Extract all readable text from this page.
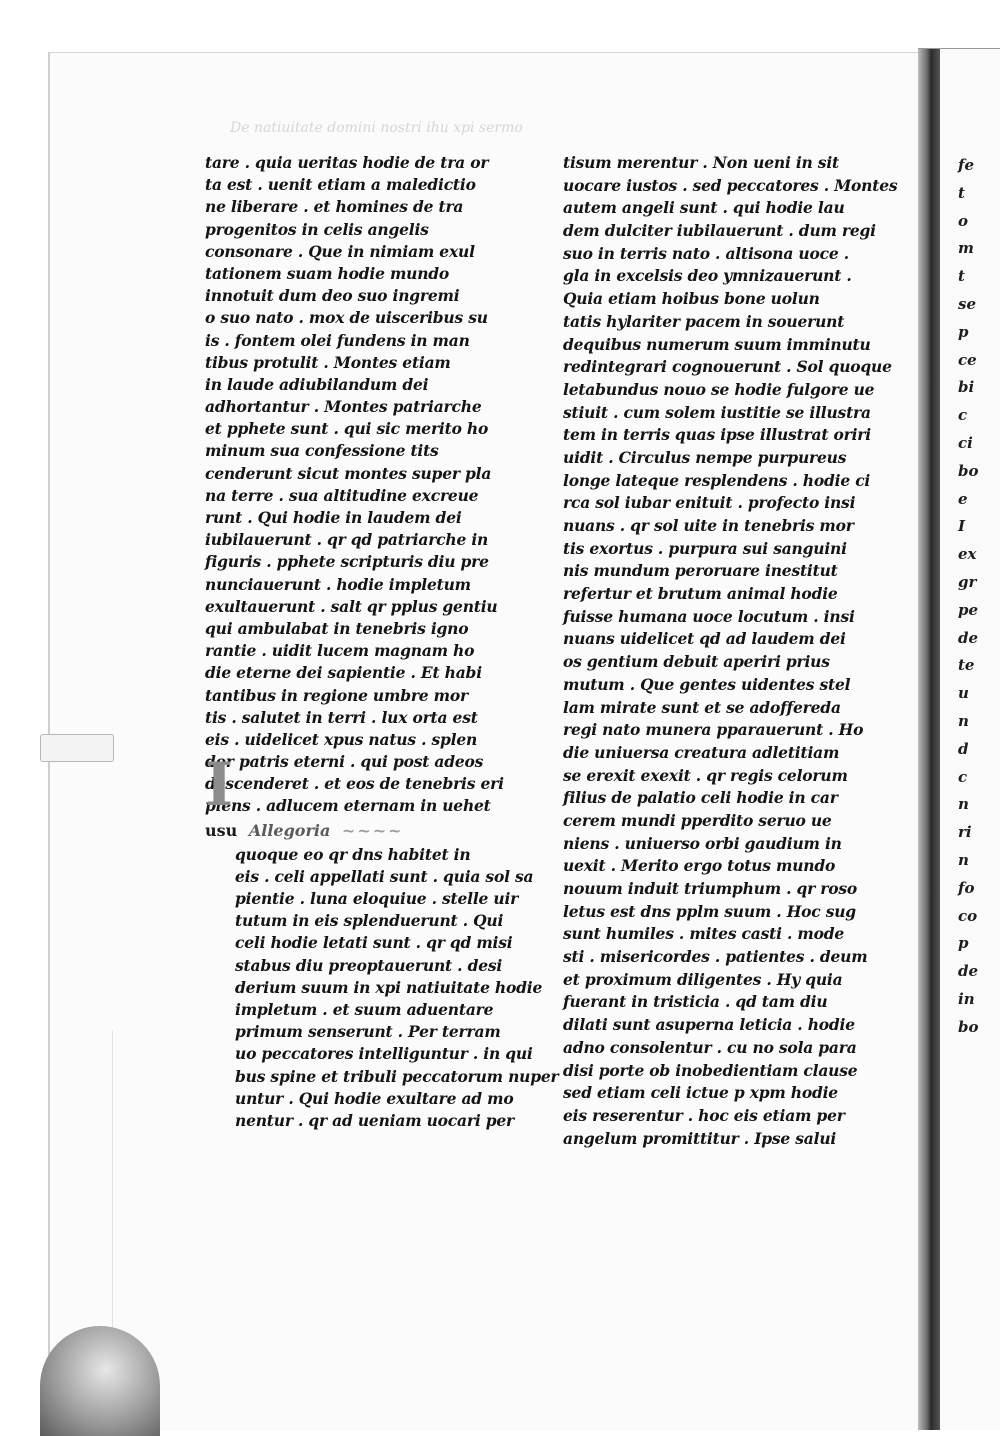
De natiuitate domini nostri ihu xpi sermo
tare . quia ueritas hodie de tra or
ta est . uenit etiam a maledictio
ne liberare . et homines de tra
progenitos in celis angelis
consonare . Que in nimiam exul
tationem suam hodie mundo
innotuit dum deo suo ingremi
o suo nato . mox de uisceribus su
is . fontem olei fundens in man
tibus protulit . Montes etiam
in laude adiubilandum dei
adhortantur . Montes patriarche
et pphete sunt . qui sic merito ho
minum sua confessione tits
cenderunt sicut montes super pla
na terre . sua altitudine excreue
runt . Qui hodie in laudem dei
iubilauerunt . qr qd patriarche in
figuris . pphete scripturis diu pre
nunciauerunt . hodie impletum
exultauerunt . salt qr pplus gentiu
qui ambulabat in tenebris igno
rantie . uidit lucem magnam ho
die eterne dei sapientie . Et habi
tantibus in regione umbre mor
tis . salutet in terri . lux orta est
eis . uidelicet xpus natus . splen
dor patris eterni . qui post adeos
descenderet . et eos de tenebris eri
piens . adlucem eternam in uehet
usu Allegoria ~~~~
quoque eo qr dns habitet in
eis . celi appellati sunt . quia sol sa
pientie . luna eloquiue . stelle uir
tutum in eis splenduerunt . Qui
celi hodie letati sunt . qr qd misi
stabus diu preoptauerunt . desi
derium suum in xpi natiuitate hodie
impletum . et suum aduentare
primum senserunt . Per terram
uo peccatores intelliguntur . in qui
bus spine et tribuli peccatorum nuper
untur . Qui hodie exultare ad mo
nentur . qr ad ueniam uocari per
I
tisum merentur . Non ueni in sit
uocare iustos . sed peccatores . Montes
autem angeli sunt . qui hodie lau
dem dulciter iubilauerunt . dum regi
suo in terris nato . altisona uoce .
gla in excelsis deo ymnizauerunt .
Quia etiam hoibus bone uolun
tatis hylariter pacem in souerunt
dequibus numerum suum imminutu
redintegrari cognouerunt . Sol quoque
letabundus nouo se hodie fulgore ue
stiuit . cum solem iustitie se illustra
tem in terris quas ipse illustrat oriri
uidit . Circulus nempe purpureus
longe lateque resplendens . hodie ci
rca sol iubar enituit . profecto insi
nuans . qr sol uite in tenebris mor
tis exortus . purpura sui sanguini
nis mundum peroruare inestitut
refertur et brutum animal hodie
fuisse humana uoce locutum . insi
nuans uidelicet qd ad laudem dei
os gentium debuit aperiri prius
mutum . Que gentes uidentes stel
lam mirate sunt et se adoffereda
regi nato munera pparauerunt . Ho
die uniuersa creatura adletitiam
se erexit exexit . qr regis celorum
filius de palatio celi hodie in car
cerem mundi pperdito seruo ue
niens . uniuerso orbi gaudium in
uexit . Merito ergo totus mundo
nouum induit triumphum . qr roso
letus est dns pplm suum . Hoc sug
sunt humiles . mites casti . mode
sti . misericordes . patientes . deum
et proximum diligentes . Hy quia
fuerant in tristicia . qd tam diu
dilati sunt asuperna leticia . hodie
adno consolentur . cu no sola para
disi porte ob inobedientiam clause
sed etiam celi ictue p xpm hodie
eis reserentur . hoc eis etiam per
angelum promittitur . Ipse salui
fe
t
o
m
t
se
p
ce
bi
c
ci
bo
e
I
ex
gr
pe
de
te
u
n
d
c
n
ri
n
fo
co
p
de
in
bo
